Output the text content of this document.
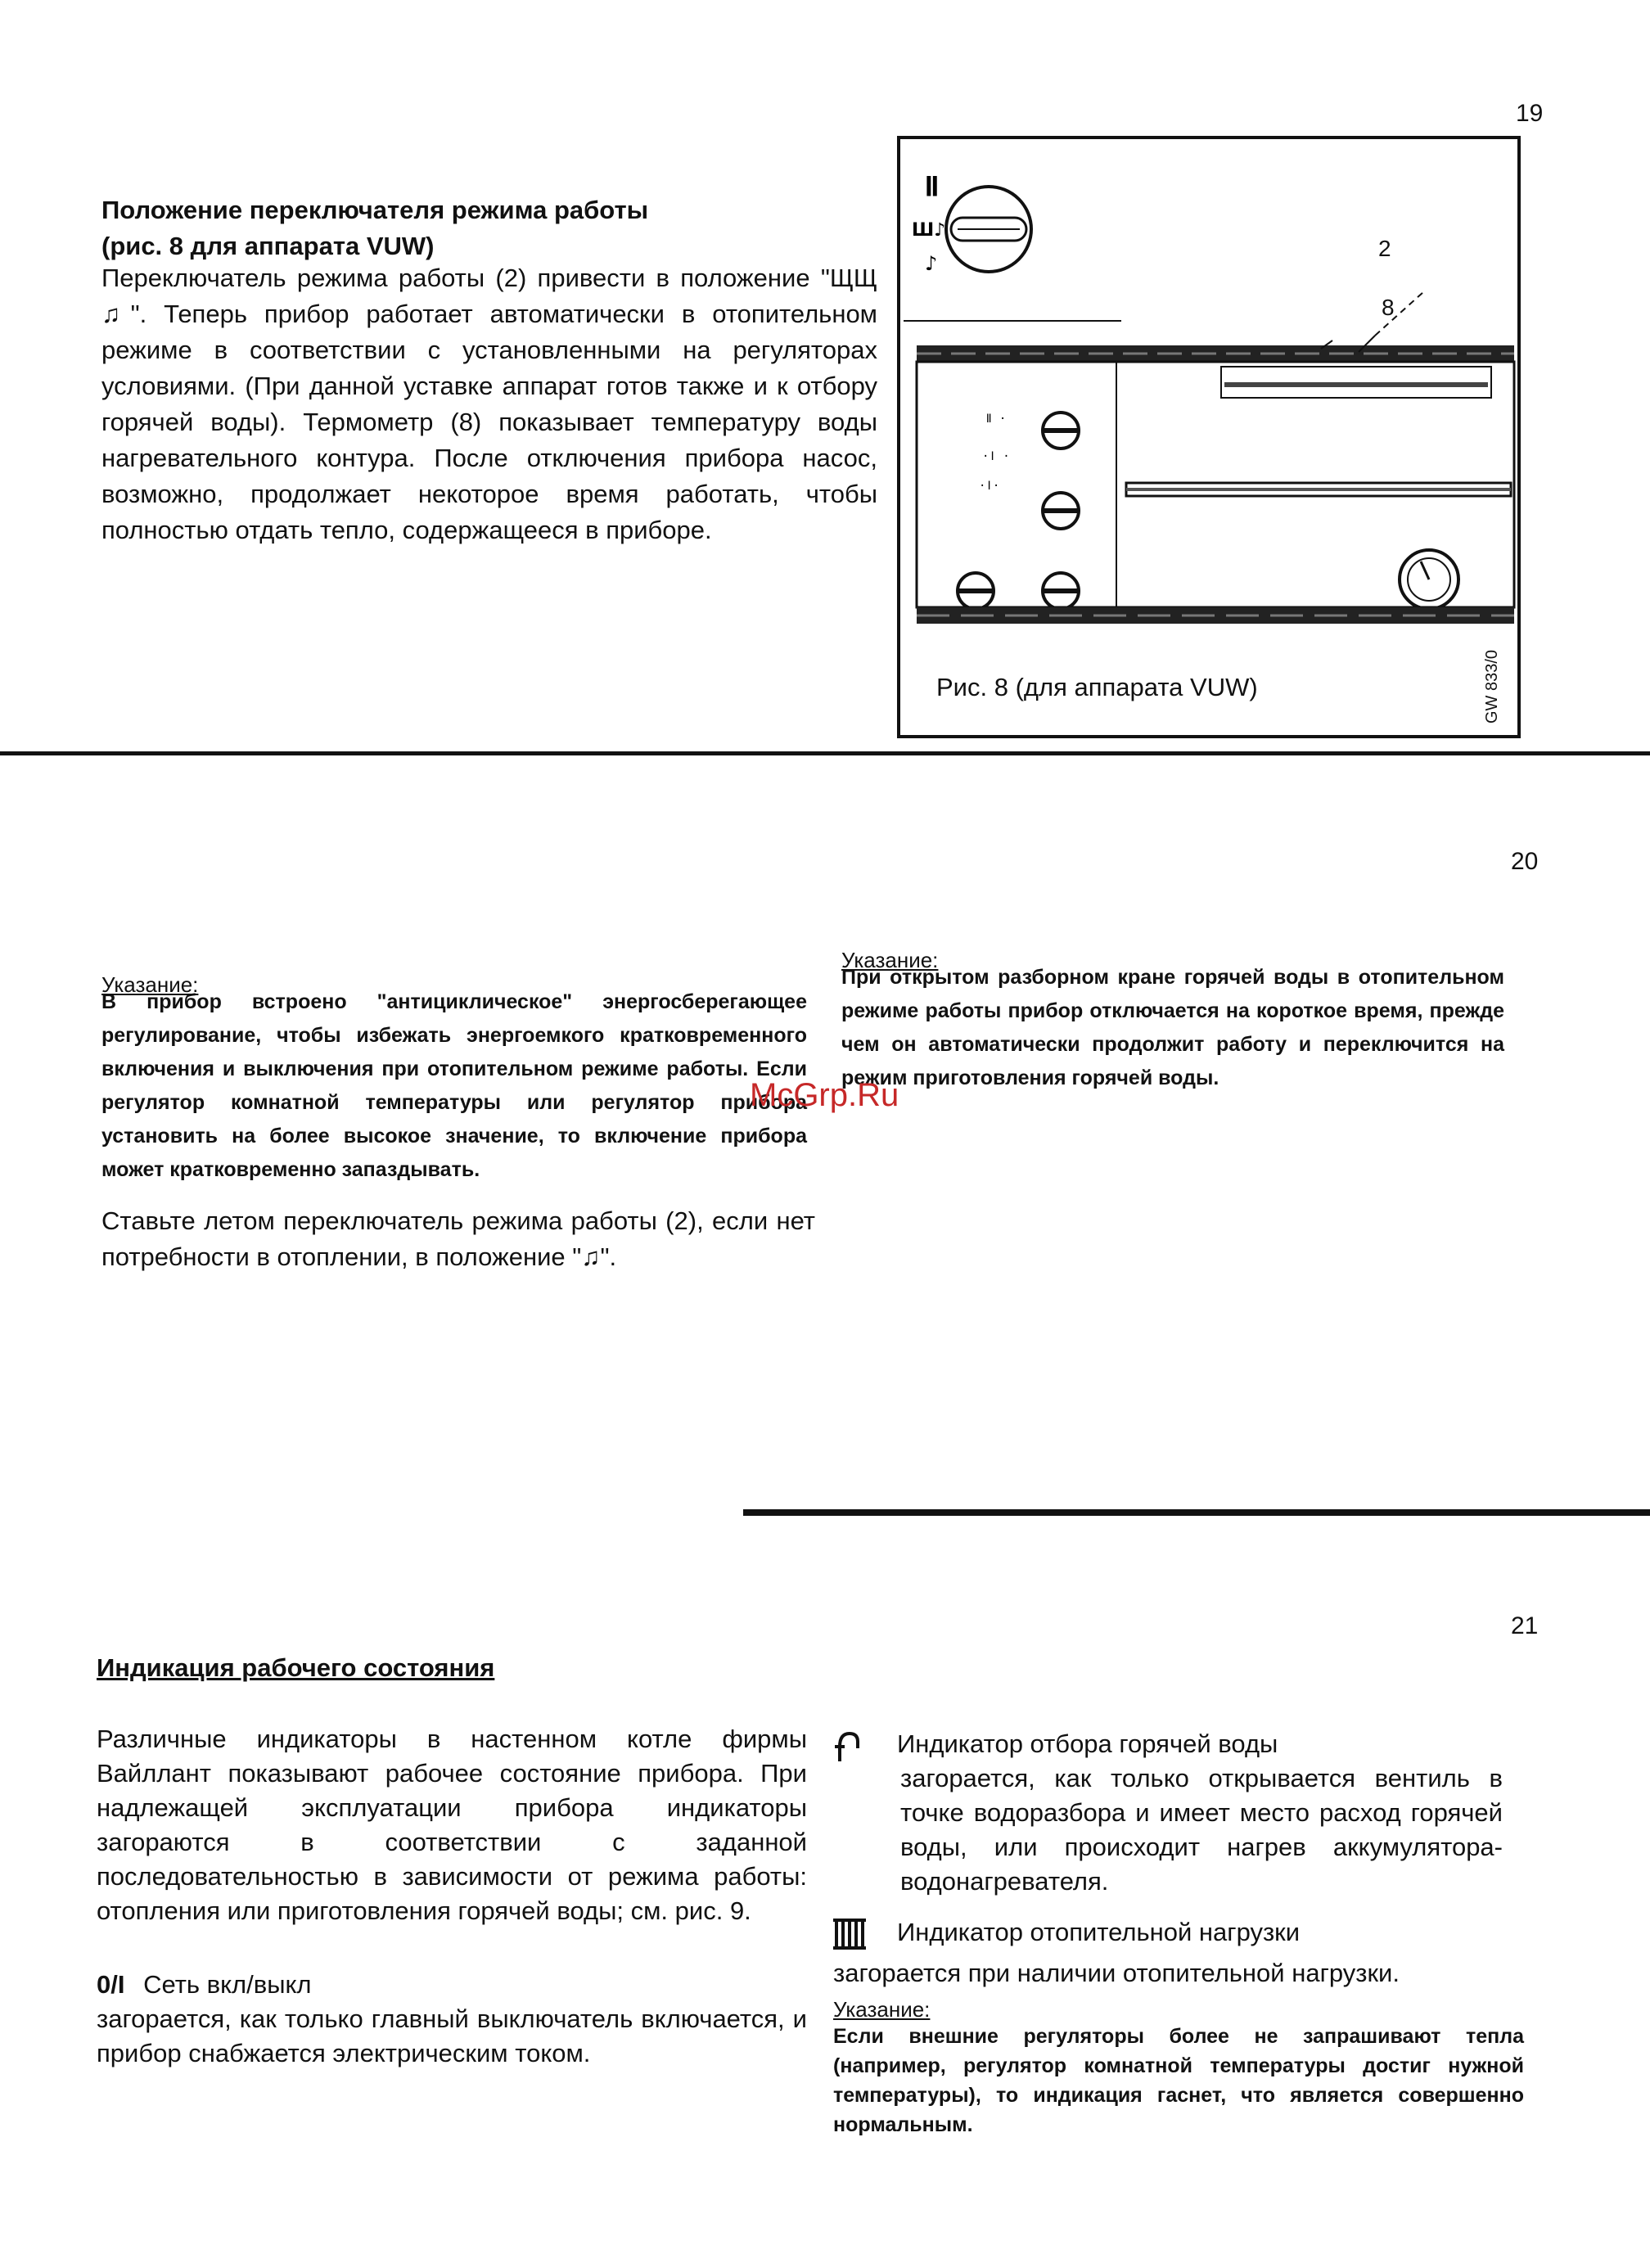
19
Положение переключателя режима работы
(рис. 8 для аппарата VUW)
Переключатель режима работы (2) привести в положение "ЩЩ ♫". Теперь прибор работает автоматически в отопительном режиме в соответствии с установленными на регуляторах условиями. (При данной уставке аппарат готов также и к отбору горячей воды). Термометр (8) показывает температуру воды нагревательного контура. После отключения прибора насос, возможно, продолжает некоторое время работать, чтобы полностью отдать тепло, содержащееся в приборе.
ǁ
Ш♪
♪
ǁ ·
·ǀ ·
·ǀ·
2
8
Рис. 8 (для аппарата VUW)	GW 833/0
20
Указание:
В прибор встроено "антициклическое" энергосберегающее регулирование, чтобы избежать энергоемкого кратковременного включения и выключения при отопительном режиме работы. Если регулятор комнатной температуры или регулятор прибора установить на более высокое значение, то включение прибора может кратковременно запаздывать.
Ставьте летом переключатель режима работы (2), если нет потребности в отоплении, в положение "♫".
Указание:
При открытом разборном кране горячей воды в отопительном режиме работы прибор отключается на короткое время, прежде чем он автоматически продолжит работу и переключится на режим приготовления горячей воды.
McGrp.Ru
21
Индикация рабочего состояния
Различные индикаторы в настенном котле фирмы Вайллант показывают рабочее состояние прибора. При надлежащей эксплуатации прибора индикаторы загораются в соответствии с заданной последовательностью в зависимости от режима работы: отопления или приготовления горячей воды; см. рис. 9.
0/I Сеть вкл/выкл
загорается, как только главный выключатель включается, и прибор снабжается электрическим током.
Индикатор отбора горячей воды
загорается, как только открывается вентиль в точке водоразбора и имеет место расход горячей воды, или происходит нагрев аккумулятора-водонагревателя.
Индикатор отопительной нагрузки
загорается при наличии отопительной нагрузки.
Указание:
Если внешние регуляторы более не запрашивают тепла (например, регулятор комнатной температуры достиг нужной температуры), то индикация гаснет, что является совершенно нормальным.
